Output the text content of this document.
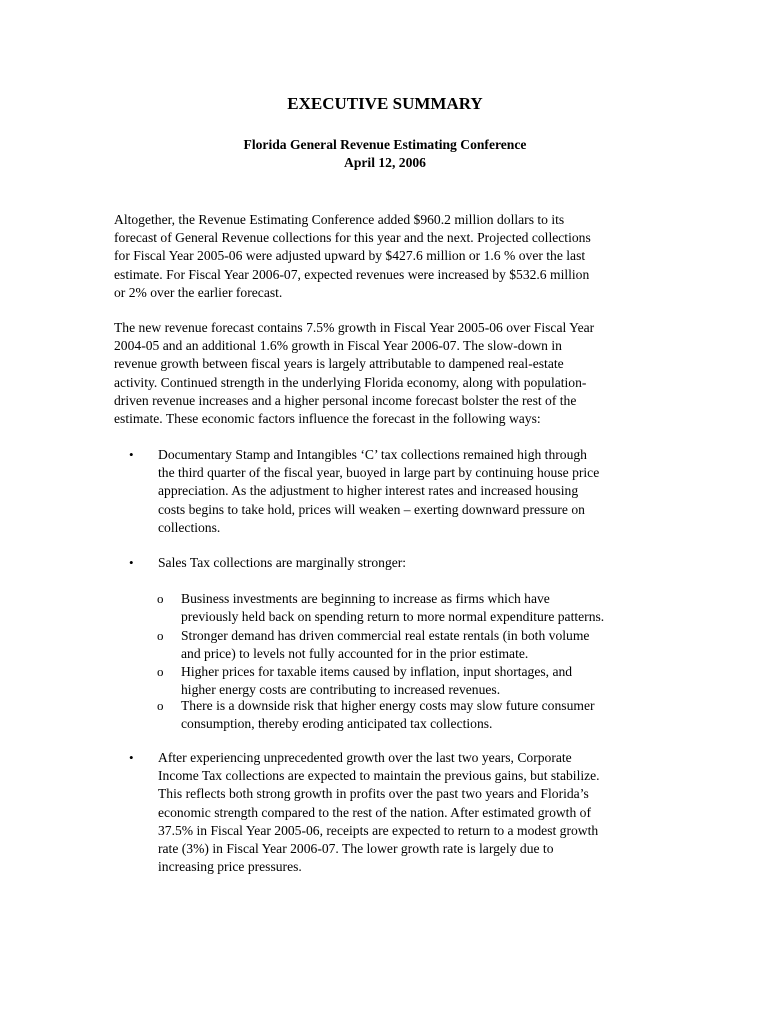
EXECUTIVE SUMMARY
Florida General Revenue Estimating Conference
April 12, 2006
Altogether, the Revenue Estimating Conference added $960.2 million dollars to its
forecast of General Revenue collections for this year and the next. Projected collections
for Fiscal Year 2005-06 were adjusted upward by $427.6 million or 1.6 % over the last
estimate. For Fiscal Year 2006-07, expected revenues were increased by $532.6 million
or 2% over the earlier forecast.
The new revenue forecast contains 7.5% growth in Fiscal Year 2005-06 over Fiscal Year
2004-05 and an additional 1.6% growth in Fiscal Year 2006-07. The slow-down in
revenue growth between fiscal years is largely attributable to dampened real-estate
activity. Continued strength in the underlying Florida economy, along with population-
driven revenue increases and a higher personal income forecast bolster the rest of the
estimate. These economic factors influence the forecast in the following ways:
• Documentary Stamp and Intangibles ‘C’ tax collections remained high through
the third quarter of the fiscal year, buoyed in large part by continuing house price
appreciation. As the adjustment to higher interest rates and increased housing
costs begins to take hold, prices will weaken – exerting downward pressure on
collections.
• Sales Tax collections are marginally stronger:
o Business investments are beginning to increase as firms which have
previously held back on spending return to more normal expenditure patterns.
o Stronger demand has driven commercial real estate rentals (in both volume
and price) to levels not fully accounted for in the prior estimate.
o Higher prices for taxable items caused by inflation, input shortages, and
higher energy costs are contributing to increased revenues.
o There is a downside risk that higher energy costs may slow future consumer
consumption, thereby eroding anticipated tax collections.
• After experiencing unprecedented growth over the last two years, Corporate
Income Tax collections are expected to maintain the previous gains, but stabilize.
This reflects both strong growth in profits over the past two years and Florida’s
economic strength compared to the rest of the nation. After estimated growth of
37.5% in Fiscal Year 2005-06, receipts are expected to return to a modest growth
rate (3%) in Fiscal Year 2006-07. The lower growth rate is largely due to
increasing price pressures.
